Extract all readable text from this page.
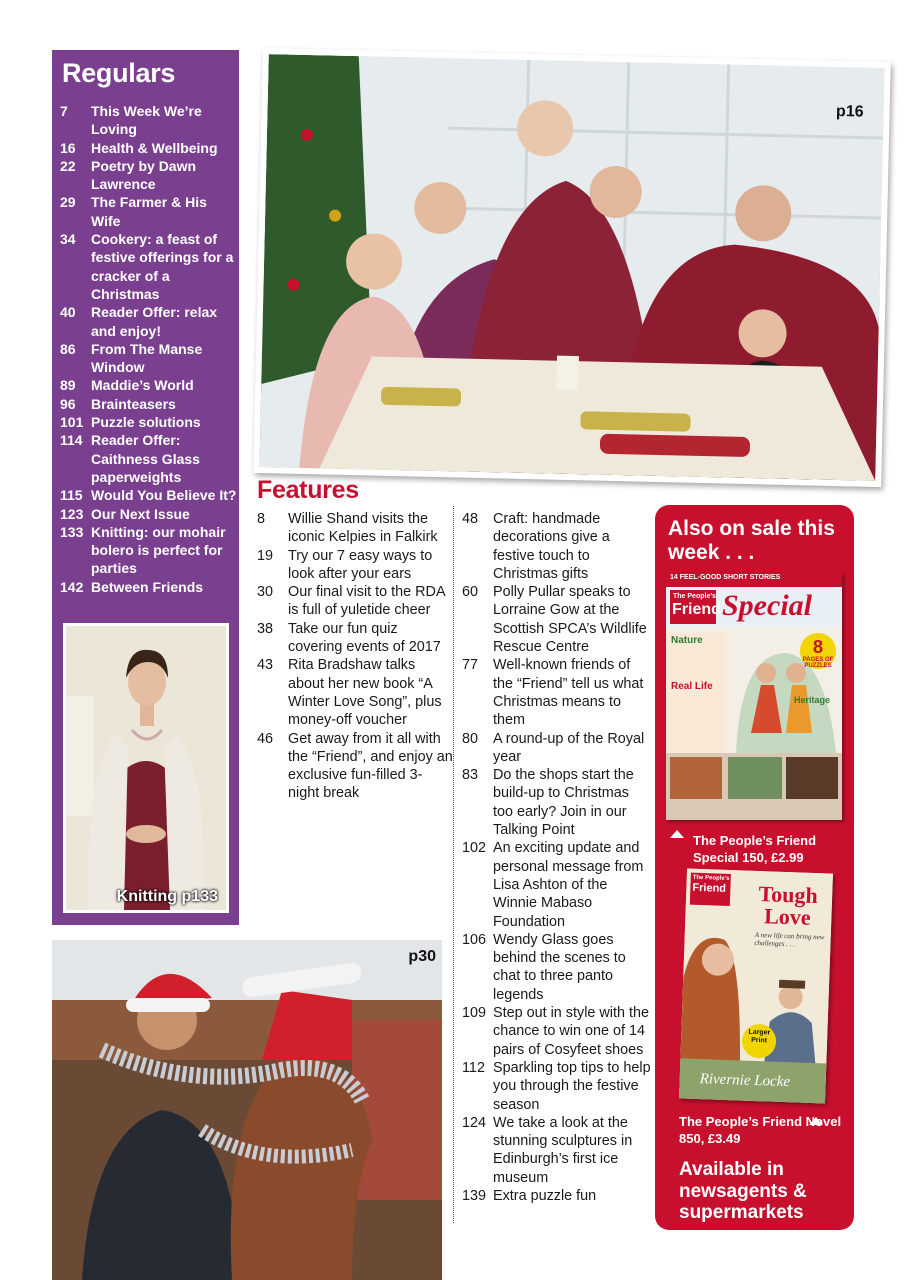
Regulars
7	This Week We’re Loving
16	Health & Wellbeing
22	Poetry by Dawn Lawrence
29	The Farmer & His Wife
34	Cookery: a feast of festive offerings for a cracker of a Christmas
40	Reader Offer: relax and enjoy!
86	From The Manse Window
89	Maddie’s World
96	Brainteasers
101 Puzzle solutions
114 Reader Offer: Caithness Glass paperweights
115 Would You Believe It?
123 Our Next Issue
133 Knitting: our mohair bolero is perfect for parties
142 Between Friends
Knitting p133
p16
Features
8	Willie Shand visits the iconic Kelpies in Falkirk
19	Try our 7 easy ways to look after your ears
30	Our final visit to the RDA is full of yuletide cheer
38	Take our fun quiz covering events of 2017
43	Rita Bradshaw talks about her new book “A Winter Love Song”, plus money-off voucher
46	Get away from it all with the “Friend”, and enjoy an exclusive fun-filled 3-night break
48	Craft: handmade decorations give a festive touch to Christmas gifts
60	Polly Pullar speaks to Lorraine Gow at the Scottish SPCA’s Wildlife Rescue Centre
77	Well-known friends of the “Friend” tell us what Christmas means to them
80	A round-up of the Royal year
83	Do the shops start the build-up to Christmas too early? Join in our Talking Point
102 An exciting update and personal message from Lisa Ashton of the Winnie Mabaso Foundation
106 Wendy Glass goes behind the scenes to chat to three panto legends
109 Step out in style with the chance to win one of 14 pairs of Cosyfeet shoes
112 Sparkling top tips to help you through the festive season
124 We take a look at the stunning sculptures in Edinburgh’s first ice museum
139 Extra puzzle fun
Also on sale this week . . .
14 FEEL-GOOD SHORT STORIES
The People’s
Friend Special
8
PAGES OF PUZZLES
Nature
Real Life
Heritage
The People’s Friend Special 150, £2.99
The People’s
Friend	Tough Love
A new life can bring new challenges . . .
Larger Print
Rivernie Locke
The People’s Friend Novel 850, £3.49

Available in newsagents & supermarkets

p30
